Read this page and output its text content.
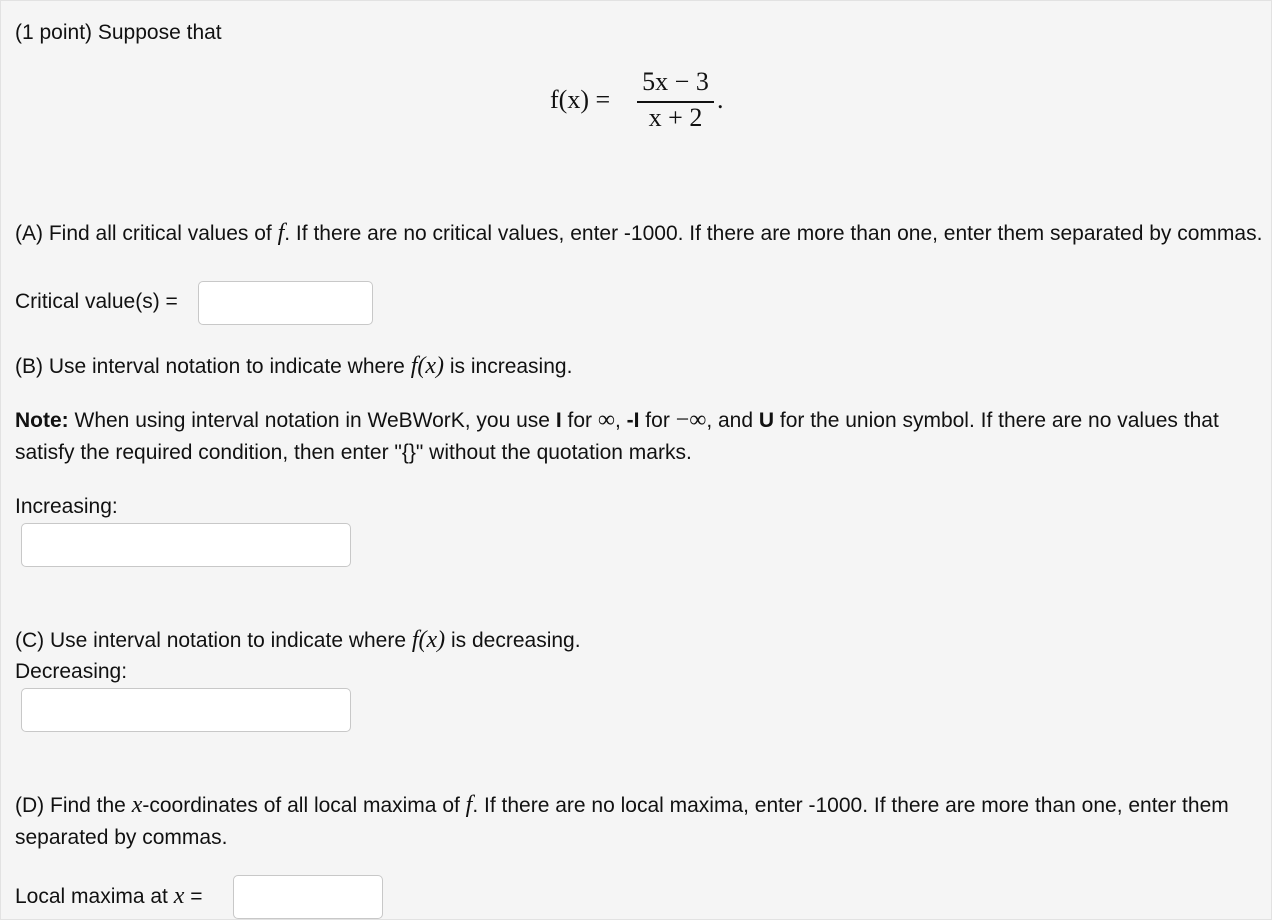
(1 point) Suppose that
f(x) =
5x − 3
x + 2
.
(A) Find all critical values of f. If there are no critical values, enter -1000. If there are more than one, enter them separated by commas.
Critical value(s) =
(B) Use interval notation to indicate where f(x) is increasing.
Note: When using interval notation in WeBWorK, you use I for ∞, -I for −∞, and U for the union symbol. If there are no values that satisfy the required condition, then enter "{}" without the quotation marks.
Increasing:
(C) Use interval notation to indicate where f(x) is decreasing.
Decreasing:
(D) Find the x-coordinates of all local maxima of f. If there are no local maxima, enter -1000. If there are more than one, enter them separated by commas.
Local maxima at x =
